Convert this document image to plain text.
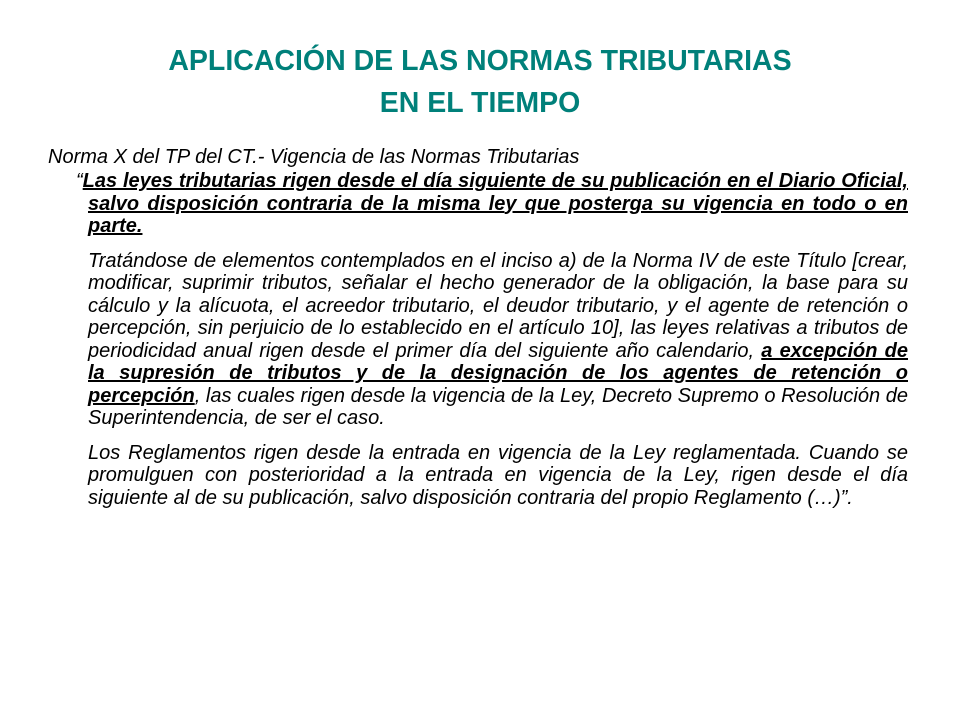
APLICACIÓN DE LAS NORMAS TRIBUTARIAS
EN EL TIEMPO
Norma X del TP del CT.- Vigencia de las Normas Tributarias

“Las leyes tributarias rigen desde el día siguiente de su publicación en el Diario Oficial, salvo disposición contraria de la misma ley que posterga su vigencia en todo o en parte.

Tratándose de elementos contemplados en el inciso a) de la Norma IV de este Título [crear, modificar, suprimir tributos, señalar el hecho generador de la obligación, la base para su cálculo y la alícuota, el acreedor tributario, el deudor tributario, y el agente de retención o percepción, sin perjuicio de lo establecido en el artículo 10], las leyes relativas a tributos de periodicidad anual rigen desde el primer día del siguiente año calendario, a excepción de la supresión de tributos y de la designación de los agentes de retención o percepción, las cuales rigen desde la vigencia de la Ley, Decreto Supremo o Resolución de Superintendencia, de ser el caso.

Los Reglamentos rigen desde la entrada en vigencia de la Ley reglamentada. Cuando se promulguen con posterioridad a la entrada en vigencia de la Ley, rigen desde el día siguiente al de su publicación, salvo disposición contraria del propio Reglamento (…)”.
